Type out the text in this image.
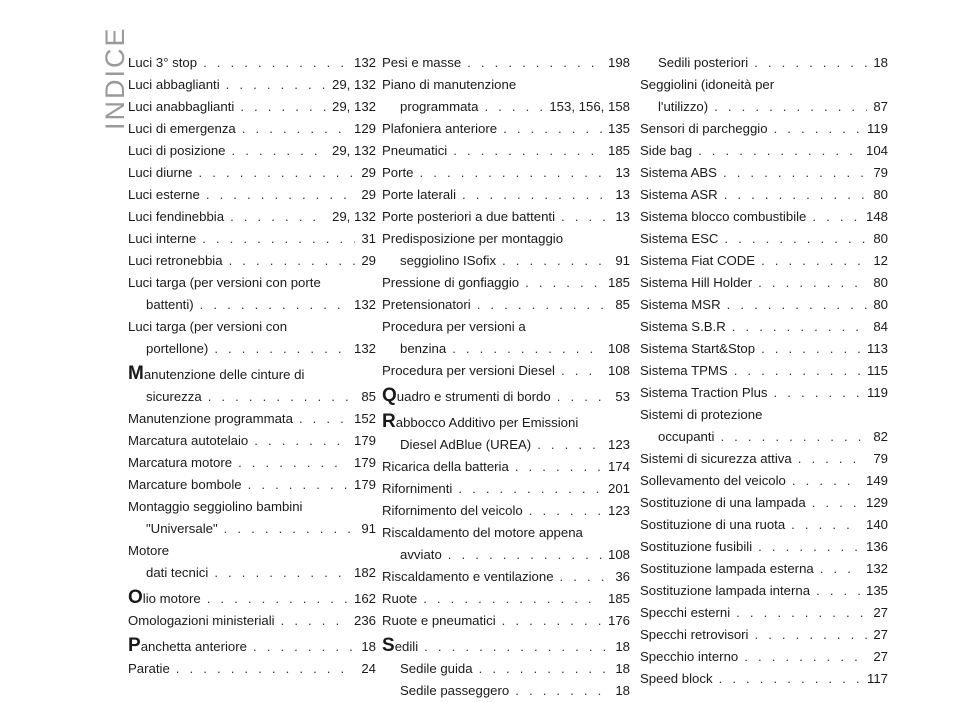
INDICE
Luci 3° stop . . .	132
Luci abbaglianti . . .	29, 132
Luci anabbaglianti . . .	29, 132
Luci di emergenza . . .	129
Luci di posizione . . .	29, 132
Luci diurne . . .	29
Luci esterne . . .	29
Luci fendinebbia . . .	29, 132
Luci interne . . .	31
Luci retronebbia . . .	29
Luci targa (per versioni con porte
battenti) . . .	132
Luci targa (per versioni con
portellone) . . .	132
Manutenzione delle cinture di
sicurezza . . .	85
Manutenzione programmata . . .	152
Marcatura autotelaio . . .	179
Marcatura motore . . .	179
Marcature bombole . . .	179
Montaggio seggiolino bambini
"Universale" . . .	91
Motore
dati tecnici . . .	182
O lio motore . . .	162
Omologazioni ministeriali . . .	236
P anchetta anteriore . . .	18
Paratie . . .	24
Pesi e masse . . .	198
Piano di manutenzione
programmata . . .	153, 156, 158
Plafoniera anteriore . . .	135
Pneumatici . . .	185
Porte . . .	13
Porte laterali . . .	13
Porte posteriori a due battenti . . .	13
Predisposizione per montaggio
seggiolino ISofix . . .	91
Pressione di gonfiaggio . . .	185
Pretensionatori . . .	85
Procedura per versioni a
benzina . . .	108
Procedura per versioni Diesel . . .	108
Q uadro e strumenti di bordo . . .	53
Rabbocco Additivo per Emissioni
Diesel AdBlue (UREA) . . .	123
Ricarica della batteria . . .	174
Rifornimenti . . .	201
Rifornimento del veicolo . . .	123
Riscaldamento del motore appena
avviato . . .	108
Riscaldamento e ventilazione . . .	36
Ruote . . .	185
Ruote e pneumatici . . .	176
S edili . . .	18
Sedile guida . . .	18
Sedile passeggero . . .	18
Sedili posteriori . . .	18
Seggiolini (idoneità per
l'utilizzo) . . .	87
Sensori di parcheggio . . .	119
Side bag . . .	104
Sistema ABS . . .	79
Sistema ASR . . .	80
Sistema blocco combustibile . . .	148
Sistema ESC . . .	80
Sistema Fiat CODE . . .	12
Sistema Hill Holder . . .	80
Sistema MSR . . .	80
Sistema S.B.R . . .	84
Sistema Start&Stop . . .	113
Sistema TPMS . . .	115
Sistema Traction Plus . . .	119
Sistemi di protezione
occupanti . . .	82
Sistemi di sicurezza attiva . . .	79
Sollevamento del veicolo . . .	149
Sostituzione di una lampada . . .	129
Sostituzione di una ruota . . .	140
Sostituzione fusibili . . .	136
Sostituzione lampada esterna . . .	132
Sostituzione lampada interna . . .	135
Specchi esterni . . .	27
Specchi retrovisori . . .	27
Specchio interno . . .	27
Speed block . . .	117
